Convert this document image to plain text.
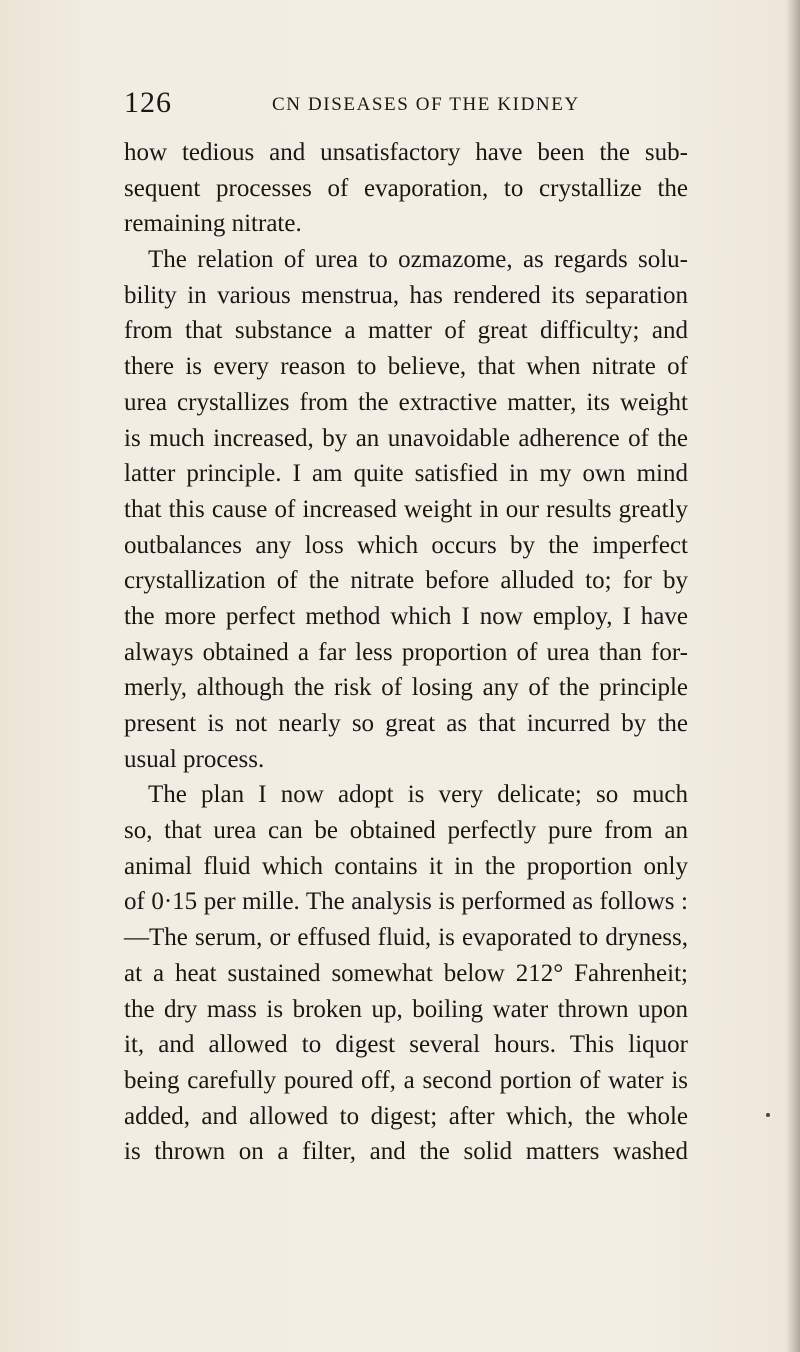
126	CN DISEASES OF THE KIDNEY
how tedious and unsatisfactory have been the sub-
sequent processes of evaporation, to crystallize the
remaining nitrate.
The relation of urea to ozmazome, as regards solu-
bility in various menstrua, has rendered its separation
from that substance a matter of great difficulty; and
there is every reason to believe, that when nitrate of
urea crystallizes from the extractive matter, its weight
is much increased, by an unavoidable adherence of the
latter principle. I am quite satisfied in my own mind
that this cause of increased weight in our results greatly
outbalances any loss which occurs by the imperfect
crystallization of the nitrate before alluded to; for by
the more perfect method which I now employ, I have
always obtained a far less proportion of urea than for-
merly, although the risk of losing any of the principle
present is not nearly so great as that incurred by the
usual process.
The plan I now adopt is very delicate; so much
so, that urea can be obtained perfectly pure from an
animal fluid which contains it in the proportion only
of 0·15 per mille. The analysis is performed as follows :
—The serum, or effused fluid, is evaporated to dryness,
at a heat sustained somewhat below 212° Fahrenheit;
the dry mass is broken up, boiling water thrown upon
it, and allowed to digest several hours. This liquor
being carefully poured off, a second portion of water is
added, and allowed to digest; after which, the whole
is thrown on a filter, and the solid matters washed
